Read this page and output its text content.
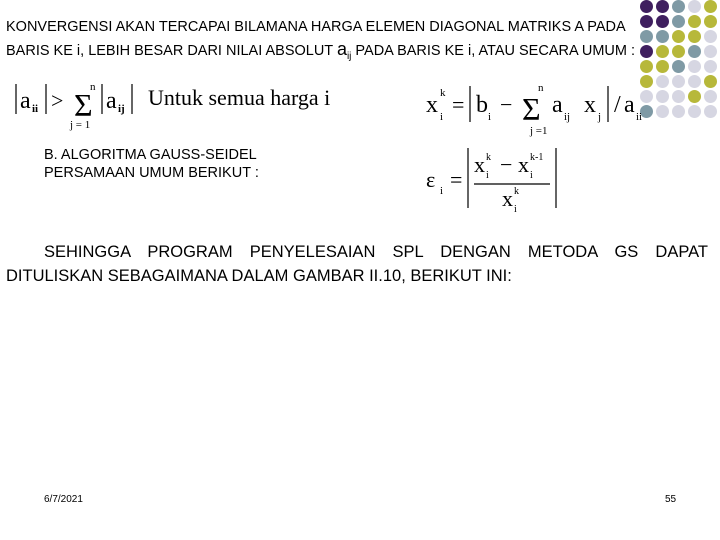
KONVERGENSI AKAN TERCAPAI BILAMANA HARGA ELEMEN DIAGONAL MATRIKS A PADA
BARIS KE i, LEBIH BESAR DARI NILAI ABSOLUT $a_{ij}$ PADA BARIS KE i, ATAU SECARA UMUM :
a ii >
n
Σ
j = 1
a ij Untuk semua harga i	x k
i = b i −
n
Σ
j =1
a ij x j / a ii
B. ALGORITMA GAUSS-SEIDEL
PERSAMAAN UMUM BERIKUT :	ε i =
x k
i − x k-1
i
x k
i
SEHINGGA PROGRAM PENYELESAIAN SPL DENGAN METODA GS DAPAT
DITULISKAN SEBAGAIMANA DALAM GAMBAR II.10, BERIKUT INI:
6/7/2021	55
